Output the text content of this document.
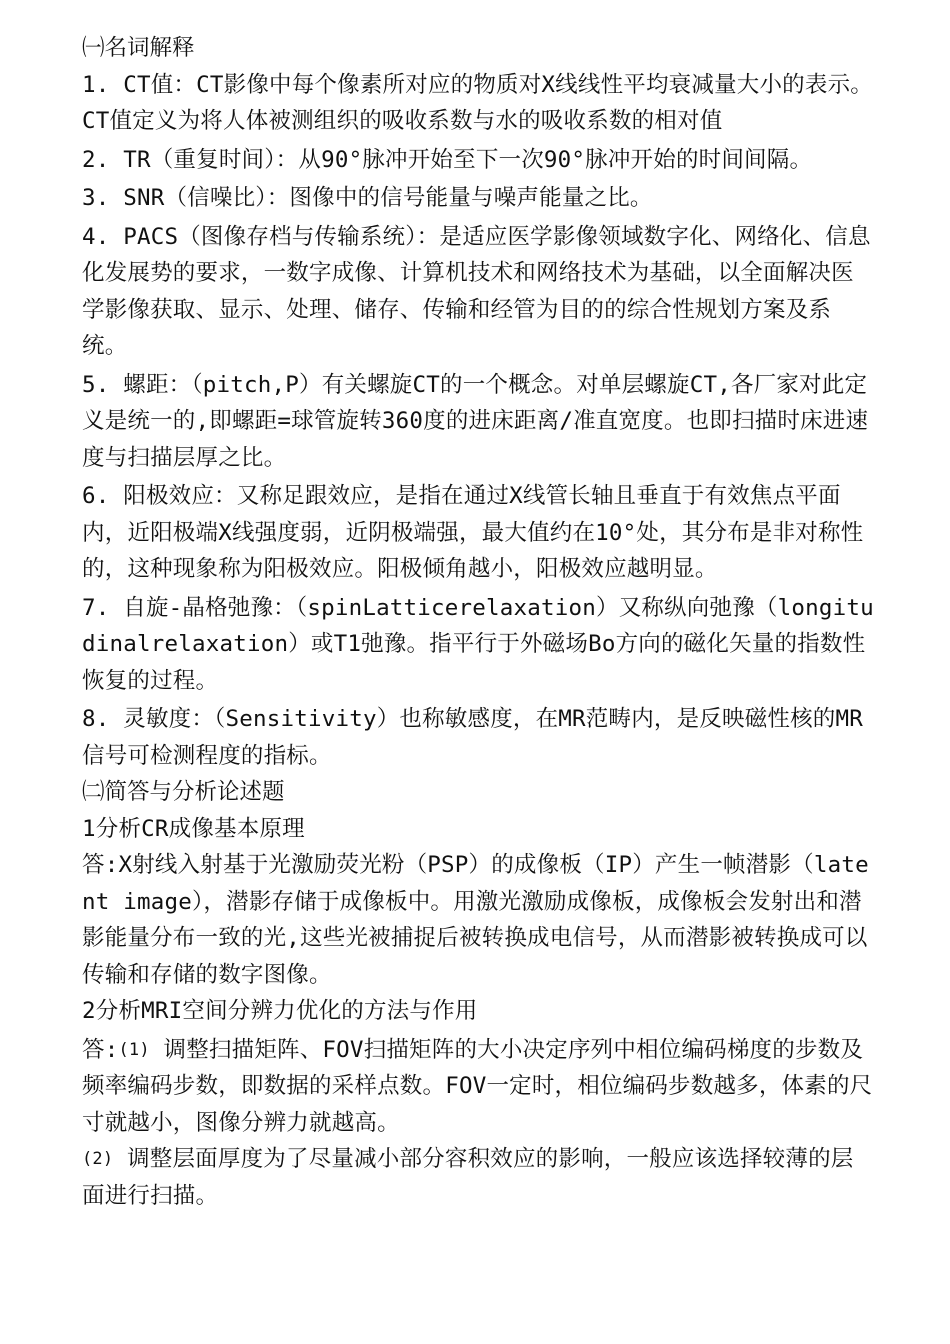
㈠名词解释

1. CT值：CT影像中每个像素所对应的物质对X线线性平均衰减量大小的表示。CT值定义为将人体被测组织的吸收系数与水的吸收系数的相对值

2. TR（重复时间）：从90°脉冲开始至下一次90°脉冲开始的时间间隔。

3. SNR（信噪比）：图像中的信号能量与噪声能量之比。

4. PACS（图像存档与传输系统）：是适应医学影像领域数字化、网络化、信息化发展势的要求，一数字成像、计算机技术和网络技术为基础，以全面解决医学影像获取、显示、处理、储存、传输和经管为目的的综合性规划方案及系统。

5. 螺距：（pitch,P）有关螺旋CT的一个概念。对单层螺旋CT,各厂家对此定义是统一的,即螺距=球管旋转360度的进床距离/准直宽度。也即扫描时床进速度与扫描层厚之比。

6. 阳极效应：又称足跟效应，是指在通过X线管长轴且垂直于有效焦点平面内，近阳极端X线强度弱，近阴极端强，最大值约在10°处，其分布是非对称性的，这种现象称为阳极效应。阳极倾角越小，阳极效应越明显。

7. 自旋-晶格弛豫：（spinLatticerelaxation）又称纵向弛豫（longitudinalrelaxation）或T1弛豫。指平行于外磁场Bo方向的磁化矢量的指数性恢复的过程。

8. 灵敏度：（Sensitivity）也称敏感度，在MR范畴内，是反映磁性核的MR信号可检测程度的指标。

㈡简答与分析论述题

1分析CR成像基本原理

答:X射线入射基于光激励荧光粉（PSP）的成像板（IP）产生一帧潜影（latent image），潜影存储于成像板中。用激光激励成像板，成像板会发射出和潜影能量分布一致的光,这些光被捕捉后被转换成电信号，从而潜影被转换成可以传输和存储的数字图像。

2分析MRI空间分辨力优化的方法与作用

答:(1) 调整扫描矩阵、FOV扫描矩阵的大小决定序列中相位编码梯度的步数及频率编码步数，即数据的采样点数。FOV一定时，相位编码步数越多，体素的尺寸就越小，图像分辨力就越高。

(2) 调整层面厚度为了尽量减小部分容积效应的影响，一般应该选择较薄的层面进行扫描。
